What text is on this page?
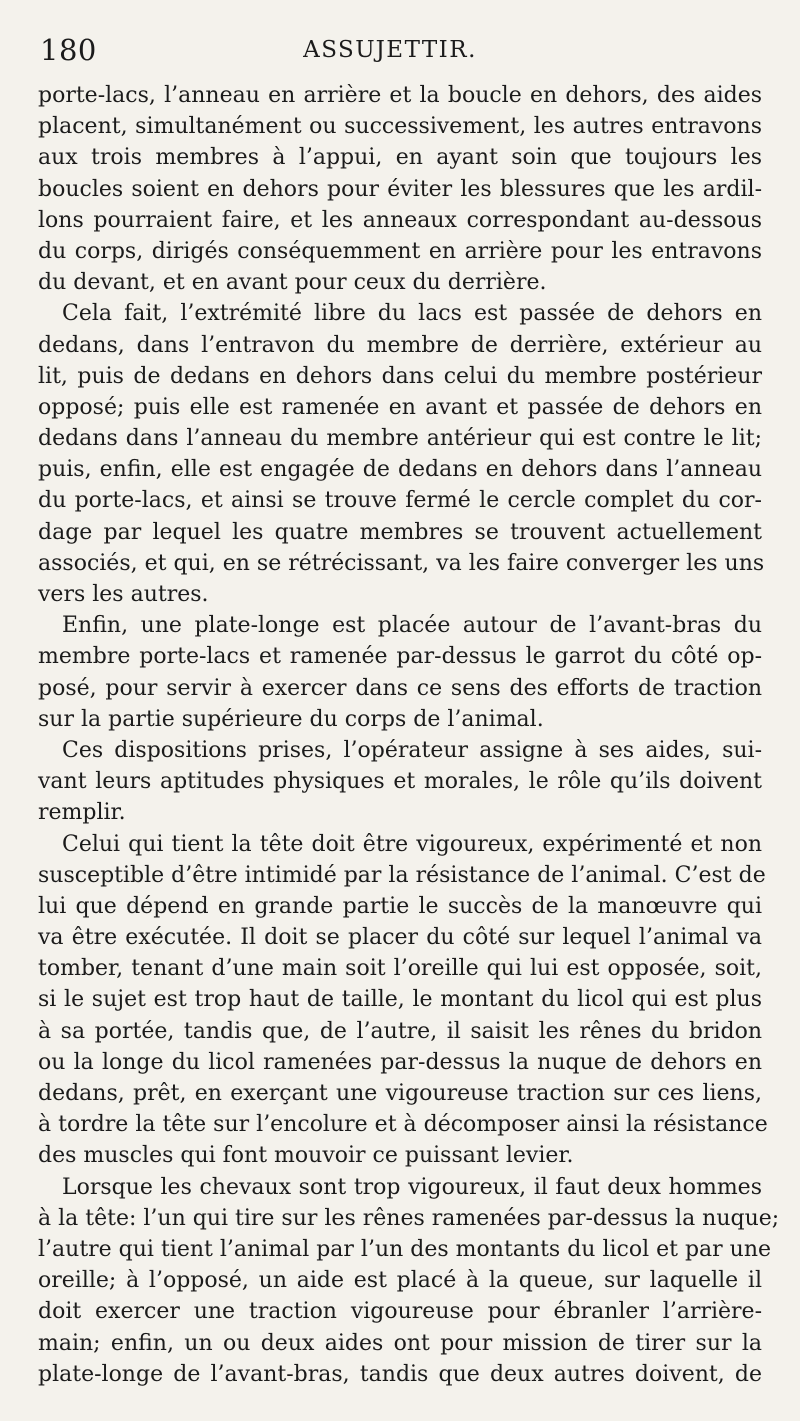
180	ASSUJETTIR.
porte-lacs, l’anneau en arrière et la boucle en dehors, des aides
placent, simultanément ou successivement, les autres entravons
aux trois membres à l’appui, en ayant soin que toujours les
boucles soient en dehors pour éviter les blessures que les ardil-
lons pourraient faire, et les anneaux correspondant au-dessous
du corps, dirigés conséquemment en arrière pour les entravons
du devant, et en avant pour ceux du derrière.
Cela fait, l’extrémité libre du lacs est passée de dehors en
dedans, dans l’entravon du membre de derrière, extérieur au
lit, puis de dedans en dehors dans celui du membre postérieur
opposé; puis elle est ramenée en avant et passée de dehors en
dedans dans l’anneau du membre antérieur qui est contre le lit;
puis, enfin, elle est engagée de dedans en dehors dans l’anneau
du porte-lacs, et ainsi se trouve fermé le cercle complet du cor-
dage par lequel les quatre membres se trouvent actuellement
associés, et qui, en se rétrécissant, va les faire converger les uns
vers les autres.
Enfin, une plate-longe est placée autour de l’avant-bras du
membre porte-lacs et ramenée par-dessus le garrot du côté op-
posé, pour servir à exercer dans ce sens des efforts de traction
sur la partie supérieure du corps de l’animal.
Ces dispositions prises, l’opérateur assigne à ses aides, sui-
vant leurs aptitudes physiques et morales, le rôle qu’ils doivent
remplir.
Celui qui tient la tête doit être vigoureux, expérimenté et non
susceptible d’être intimidé par la résistance de l’animal. C’est de
lui que dépend en grande partie le succès de la manœuvre qui
va être exécutée. Il doit se placer du côté sur lequel l’animal va
tomber, tenant d’une main soit l’oreille qui lui est opposée, soit,
si le sujet est trop haut de taille, le montant du licol qui est plus
à sa portée, tandis que, de l’autre, il saisit les rênes du bridon
ou la longe du licol ramenées par-dessus la nuque de dehors en
dedans, prêt, en exerçant une vigoureuse traction sur ces liens,
à tordre la tête sur l’encolure et à décomposer ainsi la résistance
des muscles qui font mouvoir ce puissant levier.
Lorsque les chevaux sont trop vigoureux, il faut deux hommes
à la tête: l’un qui tire sur les rênes ramenées par-dessus la nuque;
l’autre qui tient l’animal par l’un des montants du licol et par une
oreille; à l’opposé, un aide est placé à la queue, sur laquelle il
doit exercer une traction vigoureuse pour ébranler l’arrière-
main; enfin, un ou deux aides ont pour mission de tirer sur la
plate-longe de l’avant-bras, tandis que deux autres doivent, de
